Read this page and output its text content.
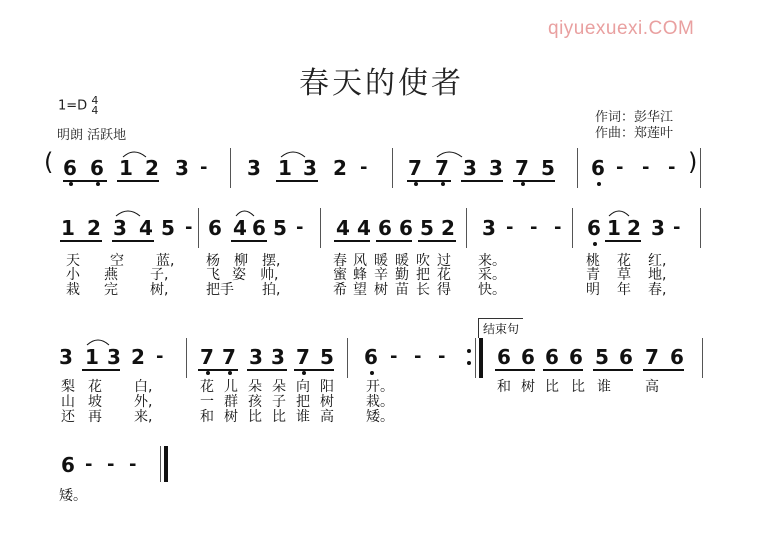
qiyuexuexi.COM
春天的使者
1=D 4
4
明朗 活跃地
作词：彭华江
作曲：郑莲叶
( 6 6 1 2 3 - 3 1 3 2 - 7 7 3 3 7 5 6 - - - )
1 2 3 4 5 - 6 4 6 5 - 4 4 6 6 5 2 3 - - - 6 1 2 3 -
天 空 蓝, 杨 柳 摆,	春 风 暖 暖 吹 过 来。	桃 花 红,
小 燕 子,	飞 姿 帅,	蜜 蜂 辛 勤 把 花 采。	青 草 地,
栽 完 树,	把 手 拍,	希 望 树 苗 长 得 快。	明 年 春,
3 1 3 2 - 7 7 3 3 7 5 6 - - -
结束句
6 6 6 6 5 6 7 6
梨 花 白,	花 儿 朵 朵 向 阳 开。	和 树 比 比 谁 高
山 坡 外,	一 群 孩 子 把 树 栽。
还 再 来,	和 树 比 比 谁 高 矮。
6 - - -
矮。
